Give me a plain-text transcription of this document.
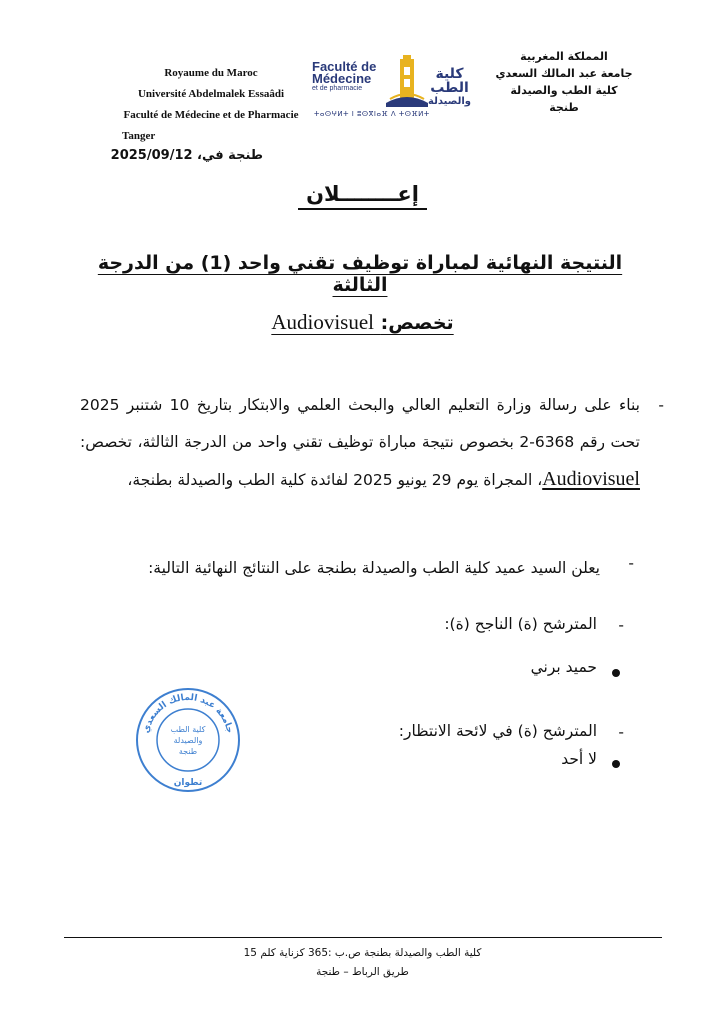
Royaume du Maroc
Université Abdelmalek Essaâdi
Faculté de Médecine et de Pharmacie
Tanger
Faculté de
Médecine
et de pharmacie
كلية الطب
والصيدلة
ⵜⴰⵙⵖⵍⵜ ⵏ ⵓⵙⴳⵏⴰⴼ ⴷ ⵜⵙⴼⵍⵜ
المملكة المغربية
جامعة عبد المالك السعدي
كلية الطب والصيدلة
طنجة
طنجة في، 2025/09/12
إعــــــــلان
النتيجة النهائية لمباراة توظيف تقني واحد (1) من الدرجة الثالثة
تخصص: Audiovisuel
-
بناء على رسالة وزارة التعليم العالي والبحث العلمي والابتكار بتاريخ 10 شتنبر 2025 تحت رقم 6368-2 بخصوص نتيجة مباراة توظيف تقني واحد من الدرجة الثالثة، تخصص: Audiovisuel، المجراة يوم 29 يونيو 2025 لفائدة كلية الطب والصيدلة بطنجة،
-
يعلن السيد عميد كلية الطب والصيدلة بطنجة على النتائج النهائية التالية:
-
المترشح (ة) الناجح (ة):
حميد برني
-
المترشح (ة) في لائحة الانتظار:
لا أحد
جامعة عبد المالك السعدي
كلية الطب
والصيدلة
طنجة
تطوان
كلية الطب والصيدلة بطنجة ص.ب :365 كزناية كلم 15
طريق الرباط – طنجة
